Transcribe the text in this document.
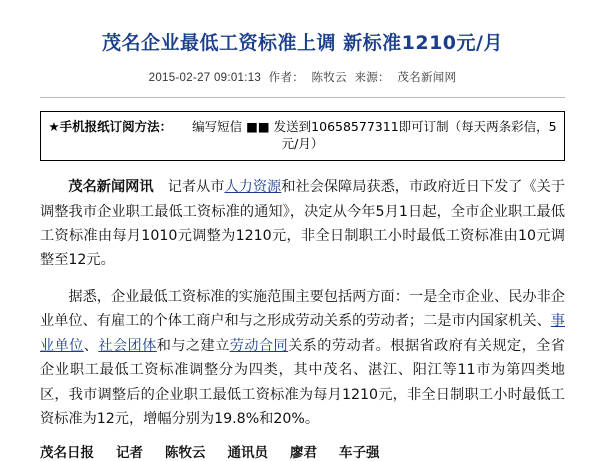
茂名企业最低工资标准上调 新标准1210元/月
2015-02-27 09:01:13 作者： 陈牧云 来源： 茂名新闻网
★手机报纸订阅方法： 编写短信 ■■ 发送到10658577311即可订制（每天两条彩信，5元/月）

茂名新闻网讯　记者从市人力资源和社会保障局获悉，市政府近日下发了《关于调整我市企业职工最低工资标准的通知》，决定从今年5月1日起，全市企业职工最低工资标准由每月1010元调整为1210元，非全日制职工小时最低工资标准由10元调整至12元。

据悉，企业最低工资标准的实施范围主要包括两方面：一是全市企业、民办非企业单位、有雇工的个体工商户和与之形成劳动关系的劳动者；二是市内国家机关、事业单位、社会团体和与之建立劳动合同关系的劳动者。根据省政府有关规定，全省企业职工最低工资标准调整分为四类，其中茂名、湛江、阳江等11市为第四类地区，我市调整后的企业职工最低工资标准为每月1210元，非全日制职工小时最低工资标准为12元，增幅分别为19.8%和20%。

茂名日报 记者 陈牧云 通讯员 廖君 车子强
